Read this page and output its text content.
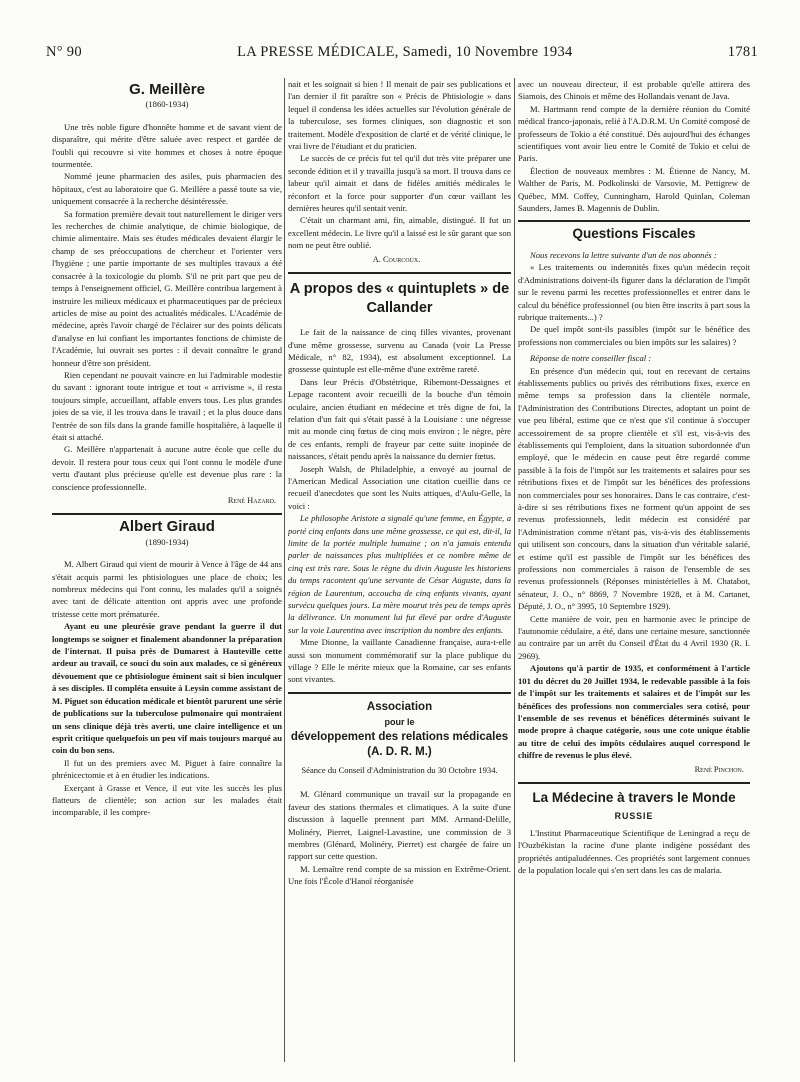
N° 90	LA PRESSE MÉDICALE, Samedi, 10 Novembre 1934	1781
G. Meillère
(1860-1934)

Une très noble figure d'honnête homme et de savant vient de disparaître, qui mérite d'être saluée avec respect et gardée de l'oubli qui recouvre si vite hommes et choses à notre époque tourmentée.

Nommé jeune pharmacien des asiles, puis pharmacien des hôpitaux, c'est au laboratoire que G. Meillère a passé toute sa vie, uniquement consacrée à la recherche désintéressée.

Sa formation première devait tout naturellement le diriger vers les recherches de chimie analytique, de chimie biologique, de chimie alimentaire. Mais ses études médicales devaient élargir le champ de ses préoccupations de chercheur et l'orienter vers l'hygiène ; une partie importante de ses multiples travaux a été consacrée à la toxicologie du plomb. S'il ne prit part que peu de temps à l'enseignement officiel, G. Meillère contribua largement à instruire les milieux médicaux et pharmaceutiques par de précieux articles de mise au point des actualités médicales. L'Académie de médecine, après l'avoir chargé de l'éclairer sur des points délicats d'analyse en lui confiant les importantes fonctions de chimiste de l'Académie, lui ouvrait ses portes : il devait connaître le grand honneur d'être son président.

Rien cependant ne pouvait vaincre en lui l'admirable modestie du savant : ignorant toute intrigue et tout « arrivisme », il resta toujours simple, accueillant, affable envers tous. Les plus grandes joies de sa vie, il les trouva dans le travail ; et la plus douce dans l'entrée de son fils dans la grande famille hospitalière, à laquelle il était si attaché.

G. Meillère n'appartenait à aucune autre école que celle du devoir. Il restera pour tous ceux qui l'ont connu le modèle d'une vertu d'autant plus précieuse qu'elle est devenue plus rare : la conscience professionnelle.

René Hazard.
Albert Giraud
(1890-1934)

M. Albert Giraud qui vient de mourir à Vence à l'âge de 44 ans s'était acquis parmi les phtisiologues une place de choix; les nombreux médecins qui l'ont connu, les malades qu'il a soignés avec tant de délicate attention ont appris avec une profonde tristesse cette mort prématurée.

Ayant eu une pleurésie grave pendant la guerre il dut longtemps se soigner et finalement abandonner la préparation de l'internat. Il puisa près de Dumarest à Hauteville cette ardeur au travail, ce souci du soin aux malades, ce si généreux dévouement que ce phtisiologue éminent sait si bien inculquer à ses disciples. Il compléta ensuite à Leysin comme assistant de M. Piguet son éducation médicale et bientôt parurent une série de publications sur la tuberculose pulmonaire qui montraient un sens clinique déjà très averti, une claire intelligence et un esprit critique quelquefois un peu vif mais toujours marqué au coin du bon sens.

Il fut un des premiers avec M. Piguet à faire connaître la phrénicectomie et à en étudier les indications.

Exerçant à Grasse et Vence, il eut vite les succès les plus flatteurs de clientèle; son action sur les malades était incomparable, il les compre-

nait et les soignait si bien ! Il menait de pair ses publications et l'an dernier il fit paraître son « Précis de Phtisiologie » dans lequel il condensa les idées actuelles sur l'évolution générale de la tuberculose, ses formes cliniques, son diagnostic et son traitement. Modèle d'exposition de clarté et de vérité clinique, le vrai livre de l'étudiant et du praticien.

Le succès de ce précis fut tel qu'il dut très vite préparer une seconde édition et il y travailla jusqu'à sa mort. Il trouva dans ce labeur qu'il aimait et dans de fidèles amitiés médicales le réconfort et la force pour supporter d'un cœur vaillant les dernières heures qu'il sentait venir.

C'était un charmant ami, fin, aimable, distingué. Il fut un excellent médecin. Le livre qu'il a laissé est le sûr garant que son nom ne peut être oublié.

A. Courcoux.
A propos des « quintuplets » de Callander

Le fait de la naissance de cinq filles vivantes, provenant d'une même grossesse, survenu au Canada (voir La Presse Médicale, n° 82, 1934), est absolument exceptionnel. La grossesse quintuple est elle-même d'une extrême rareté.

Dans leur Précis d'Obstétrique, Ribemont-Dessaignes et Lepage racontent avoir recueilli de la bouche d'un témoin oculaire, ancien étudiant en médecine et très digne de foi, la relation d'un fait qui s'était passé à la Louisiane : une négresse mit au monde cinq fœtus de cinq mois environ ; le nègre, père de ces enfants, rempli de frayeur par cette suite inopinée de naissances, s'était pendu après la naissance du dernier fœtus.

Joseph Walsh, de Philadelphie, a envoyé au journal de l'American Medical Association une citation cueillie dans ce recueil d'anecdotes que sont les Nuits attiques, d'Aulu-Gelle, la voici :

Le philosophe Aristote a signalé qu'une femme, en Égypte, a porté cinq enfants dans une même grossesse, ce qui est, dit-il, la limite de la portée multiple humaine ; on n'a jamais entendu parler de naissances plus multipliées et ce nombre même de cinq est très rare. Sous le règne du divin Auguste les historiens du temps racontent qu'une servante de César Auguste, dans la région de Laurentum, accoucha de cinq enfants vivants, ayant survécu quelques jours. La mère mourut très peu de temps après la délivrance. Un monument lui fut élevé par ordre d'Auguste sur la voie Laurentina avec inscription du nombre des enfants.

Mme Dionne, la vaillante Canadienne française, aura-t-elle aussi son monument commémoratif sur la place publique du village ? Elle le mérite mieux que la Romaine, car ses enfants sont vivantes.

Association
pour le
développement des relations médicales
(A. D. R. M.)
Séance du Conseil d'Administration du 30 Octobre 1934.

M. Glénard communique un travail sur la propagande en faveur des stations thermales et climatiques. A la suite d'une discussion à laquelle prennent part MM. Armand-Delille, Molinéry, Pierret, Laignel-Lavastine, une commission de 3 membres (Glénard, Molinéry, Pierret) est chargée de faire un rapport sur cette question.

M. Lemaître rend compte de sa mission en Extrême-Orient. Une fois l'École d'Hanoï réorganisée

avec un nouveau directeur, il est probable qu'elle attirera des Siamois, des Chinois et même des Hollandais venant de Java.

M. Hartmann rend compte de la dernière réunion du Comité médical franco-japonais, relié à l'A.D.R.M. Un Comité composé de professeurs de Tokio a été constitué. Dès aujourd'hui des échanges scientifiques vont avoir lieu entre le Comité de Tokio et celui de Paris.

Élection de nouveaux membres : M. Étienne de Nancy, M. Walther de Paris, M. Podkolinski de Varsovie, M. Pettigrew de Québec, MM. Coffey, Cunningham, Harold Quinlan, Coleman Saunders, James B. Magennis de Dublin.

Questions Fiscales

Nous recevons la lettre suivante d'un de nos abonnés :

« Les traitements ou indemnités fixes qu'un médecin reçoit d'Administrations doivent-ils figurer dans la déclaration de l'impôt sur le revenu parmi les recettes professionnelles et entrer dans le calcul du bénéfice professionnel (ou bien être inscrits à part sous la rubrique traitements...) ?

De quel impôt sont-ils passibles (impôt sur le bénéfice des professions non commerciales ou bien impôts sur les salaires) ?

Réponse de notre conseiller fiscal :

En présence d'un médecin qui, tout en recevant de certains établissements publics ou privés des rétributions fixes, exerce en même temps sa profession dans la clientèle normale, l'Administration des Contributions Directes, adoptant un point de vue peu libéral, estime que ce n'est que s'il continue à s'occuper accessoirement de sa propre clientèle et s'il est, vis-à-vis des établissements qui l'emploient, dans la situation subordonnée d'un employé, que le médecin en cause peut être regardé comme passible à la fois de l'impôt sur les traitements et salaires pour ses rétributions fixes et de l'impôt sur les bénéfices des professions non commerciales pour ses honoraires. Dans le cas contraire, c'est-à-dire si ses rétributions fixes ne forment qu'un appoint de ses revenus professionnels, ledit médecin est considéré par l'Administration comme n'étant pas, vis-à-vis des établissements qui utilisent son concours, dans la situation d'un véritable salarié, et estime qu'il est passible de l'impôt sur les bénéfices des professions non commerciales à raison de l'ensemble de ses revenus professionnels (Réponses ministérielles à M. Chatabot, sénateur, J. O., n° 8869, 7 Novembre 1928, et à M. Cartanet, Député, J. O., n° 3995, 10 Septembre 1929).

Cette manière de voir, peu en harmonie avec le principe de l'autonomie cédulaire, a été, dans une certaine mesure, sanctionnée au contraire par un arrêt du Conseil d'État du 4 Avril 1930 (R. I. 2969).

Ajoutons qu'à partir de 1935, et conformément à l'article 101 du décret du 20 Juillet 1934, le redevable passible à la fois de l'impôt sur les traitements et salaires et de l'impôt sur les bénéfices des professions non commerciales sera cotisé, pour l'ensemble de ses revenus et bénéfices déterminés suivant le mode propre à chaque catégorie, sous une cote unique établie au titre de celui des impôts cédulaires auquel correspond le chiffre de revenus le plus élevé.

René Pinchon.
La Médecine à travers le Monde
RUSSIE

L'Institut Pharmaceutique Scientifique de Leningrad a reçu de l'Ouzbékistan la racine d'une plante indigène possédant des propriétés antipaludéennes. Ces propriétés sont largement connues de la population locale qui s'en sert dans les cas de malaria.
